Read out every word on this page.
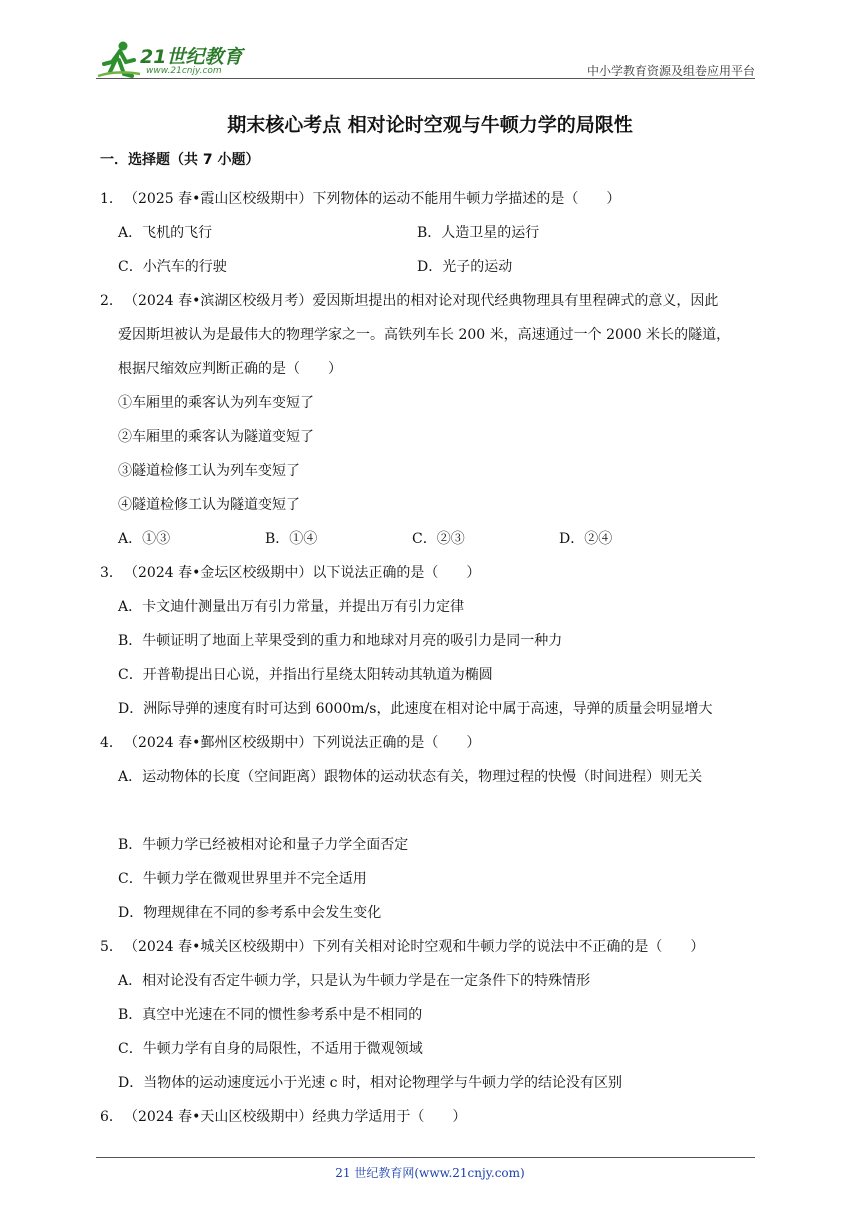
21世纪教育
www.21cnjy.com	中小学教育资源及组卷应用平台
期末核心考点 相对论时空观与牛顿力学的局限性
一．选择题（共 7 小题）
1．（2025 春•霞山区校级期中）下列物体的运动不能用牛顿力学描述的是（　　）
A．飞机的飞行	B．人造卫星的运行
C．小汽车的行驶	D．光子的运动
2．（2024 春•滨湖区校级月考）爱因斯坦提出的相对论对现代经典物理具有里程碑式的意义，因此
爱因斯坦被认为是最伟大的物理学家之一。高铁列车长 200 米，高速通过一个 2000 米长的隧道，
根据尺缩效应判断正确的是（　　）
①车厢里的乘客认为列车变短了
②车厢里的乘客认为隧道变短了
③隧道检修工认为列车变短了
④隧道检修工认为隧道变短了
A．①③	B．①④	C．②③	D．②④
3．（2024 春•金坛区校级期中）以下说法正确的是（　　）
A．卡文迪什测量出万有引力常量，并提出万有引力定律
B．牛顿证明了地面上苹果受到的重力和地球对月亮的吸引力是同一种力
C．开普勒提出日心说，并指出行星绕太阳转动其轨道为椭圆
D．洲际导弹的速度有时可达到 6000m/s，此速度在相对论中属于高速，导弹的质量会明显增大
4．（2024 春•鄞州区校级期中）下列说法正确的是（　　）
A．运动物体的长度（空间距离）跟物体的运动状态有关，物理过程的快慢（时间进程）则无关
B．牛顿力学已经被相对论和量子力学全面否定
C．牛顿力学在微观世界里并不完全适用
D．物理规律在不同的参考系中会发生变化
5．（2024 春•城关区校级期中）下列有关相对论时空观和牛顿力学的说法中不正确的是（　　）
A．相对论没有否定牛顿力学，只是认为牛顿力学是在一定条件下的特殊情形
B．真空中光速在不同的惯性参考系中是不相同的
C．牛顿力学有自身的局限性，不适用于微观领域
D．当物体的运动速度远小于光速 c 时，相对论物理学与牛顿力学的结论没有区别
6．（2024 春•天山区校级期中）经典力学适用于（　　）
21 世纪教育网(www.21cnjy.com)
